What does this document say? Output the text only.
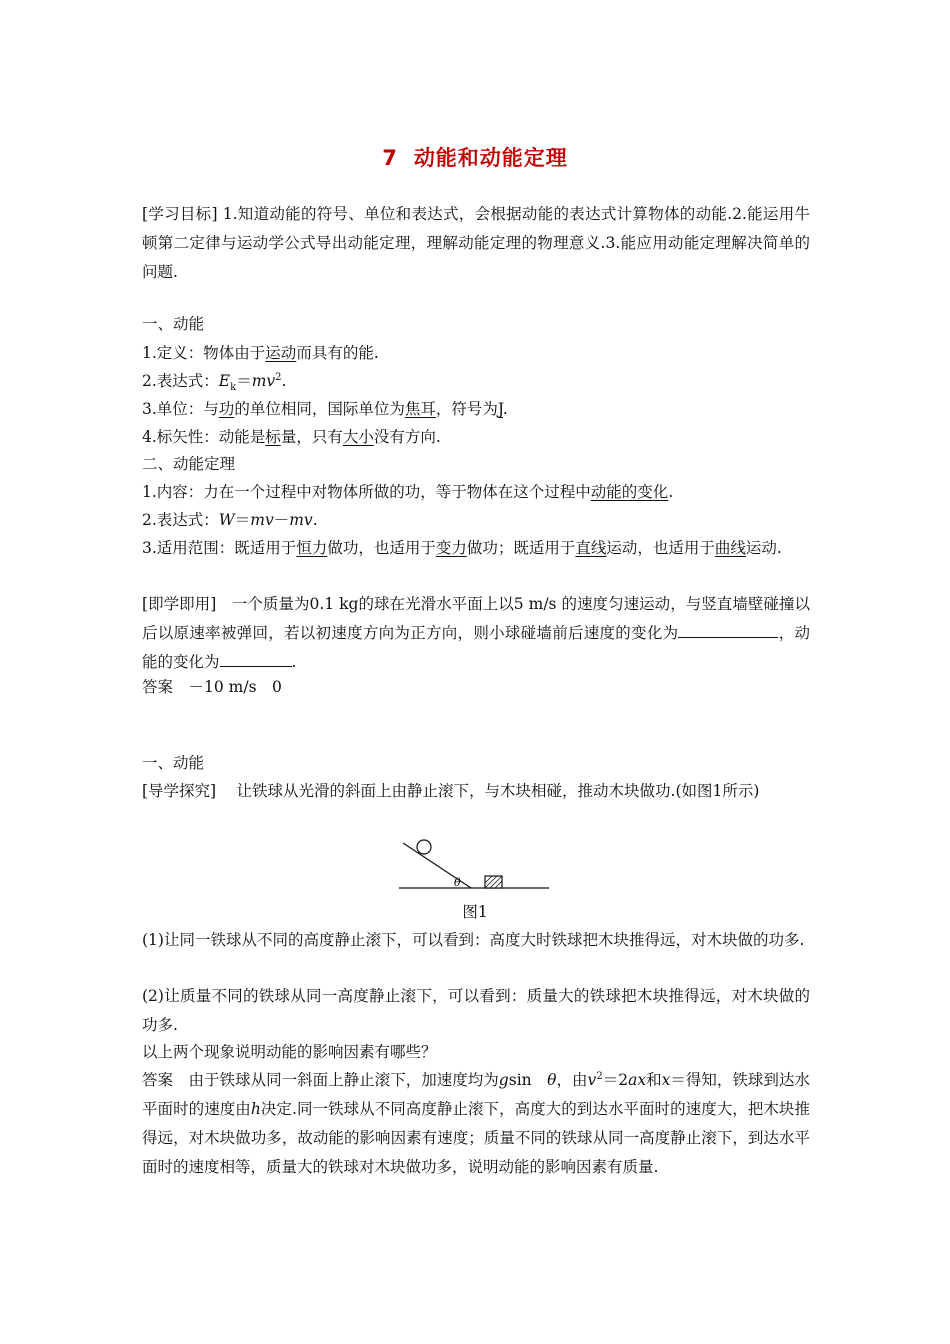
7 动能和动能定理
[学习目标] 1.知道动能的符号、单位和表达式，会根据动能的表达式计算物体的动能.2.能运用牛顿第二定律与运动学公式导出动能定理，理解动能定理的物理意义.3.能应用动能定理解决简单的问题.
一、动能
1.定义：物体由于运动而具有的能.
2.表达式：$E_k=mv^2$.
3.单位：与功的单位相同，国际单位为焦耳，符号为J.
4.标矢性：动能是标量，只有大小没有方向.
二、动能定理
1.内容：力在一个过程中对物体所做的功，等于物体在这个过程中动能的变化.
2.表达式：W＝mv－mv.
3.适用范围：既适用于恒力做功，也适用于变力做功；既适用于直线运动，也适用于曲线运动.
[即学即用]　一个质量为0.1 kg的球在光滑水平面上以5 m/s 的速度匀速运动，与竖直墙壁碰撞以后以原速率被弹回，若以初速度方向为正方向，则小球碰墙前后速度的变化为	，动能的变化为	.
答案　－10 m/s　0
一、动能
[导学探究]　 让铁球从光滑的斜面上由静止滚下，与木块相碰，推动木块做功.(如图1所示)
θ
图1
(1)让同一铁球从不同的高度静止滚下，可以看到：高度大时铁球把木块推得远，对木块做的功多.
(2)让质量不同的铁球从同一高度静止滚下，可以看到：质量大的铁球把木块推得远，对木块做的功多.
以上两个现象说明动能的影响因素有哪些？
答案　由于铁球从同一斜面上静止滚下，加速度均为gsin　θ，由$v^2=2ax$和x＝得知，铁球到达水平面时的速度由h决定.同一铁球从不同高度静止滚下，高度大的到达水平面时的速度大，把木块推得远，对木块做功多，故动能的影响因素有速度；质量不同的铁球从同一高度静止滚下，到达水平面时的速度相等，质量大的铁球对木块做功多，说明动能的影响因素有质量.
